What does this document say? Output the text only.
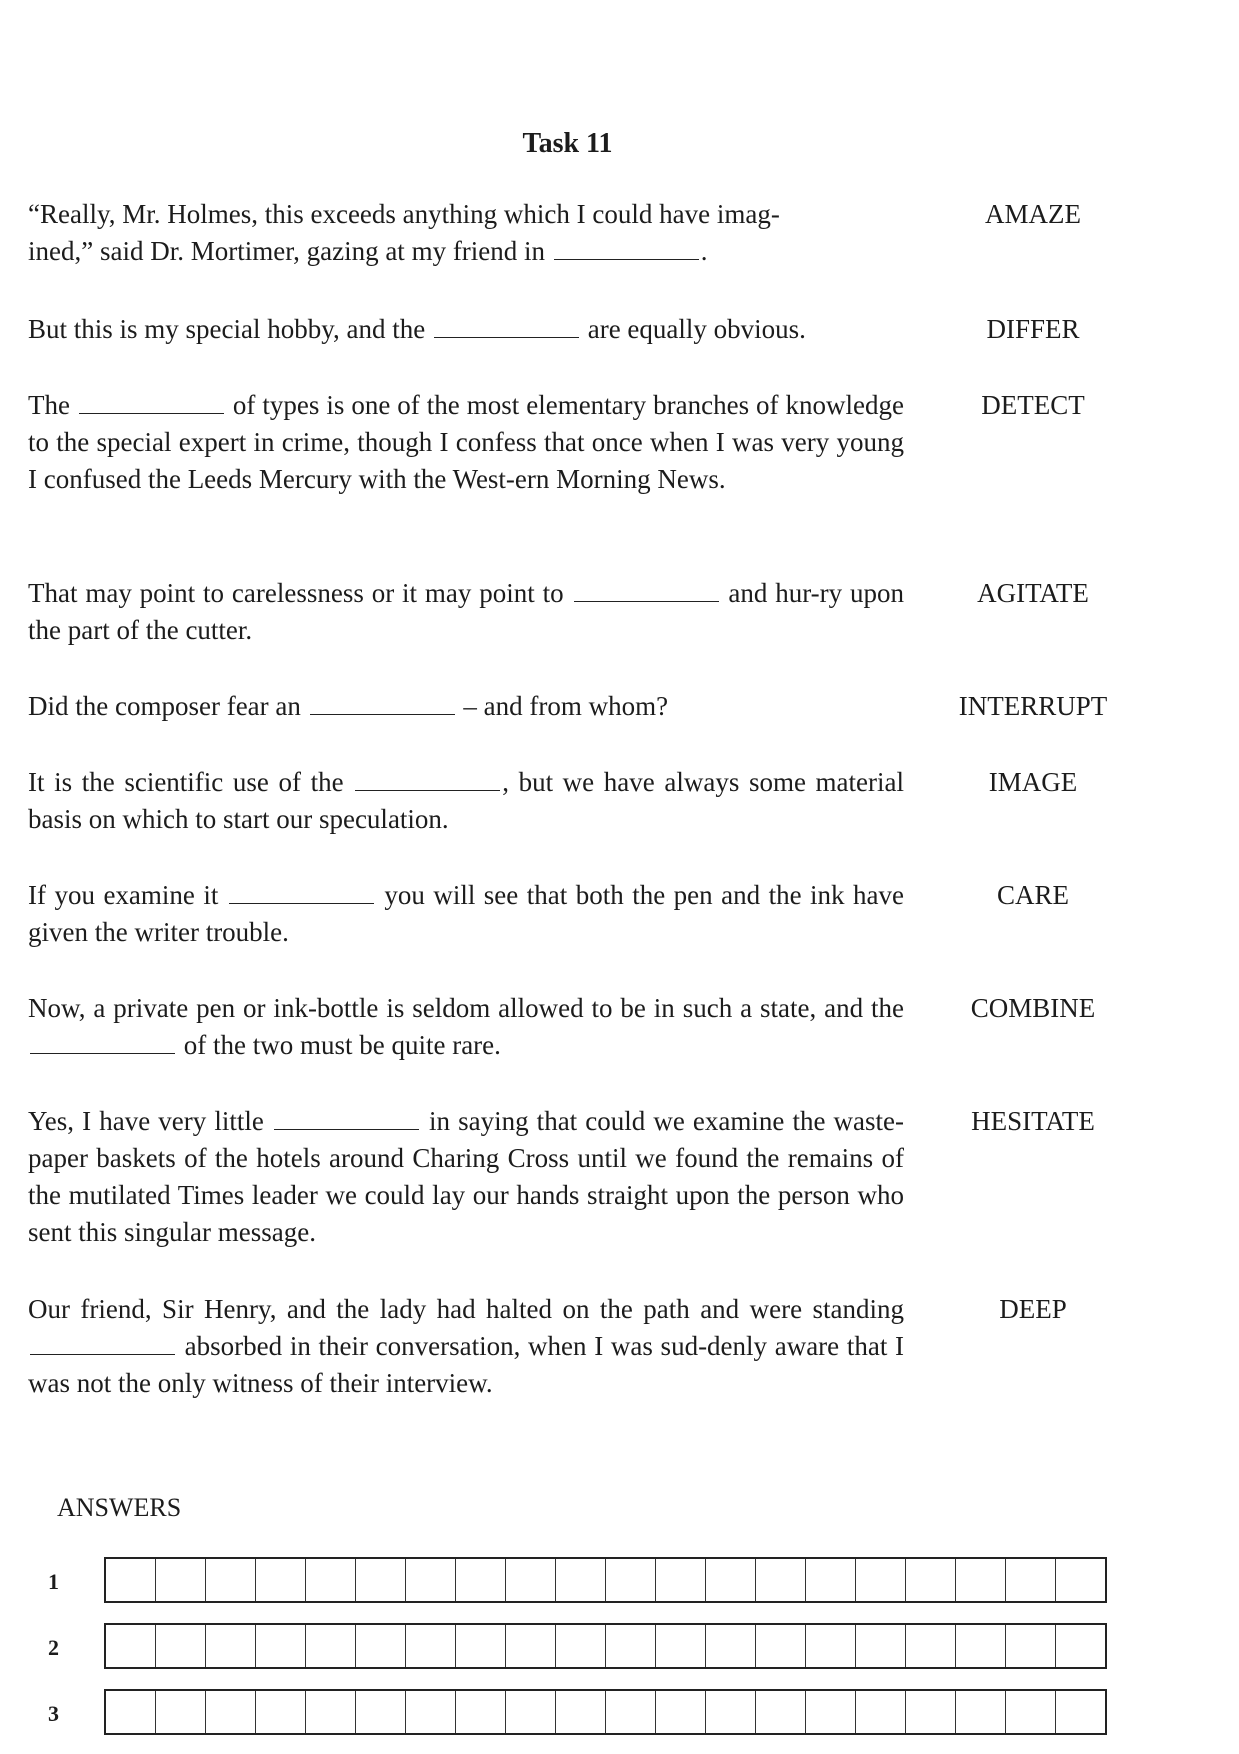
Task 11
“Really, Mr. Holmes, this exceeds anything which I could have imag-
ined,” said Dr. Mortimer, gazing at my friend in	.
AMAZE
But this is my special hobby, and the	are equally obvious.	DIFFER
The	of types is one of the most elementary branches of knowledge to the special expert in crime, though I confess that once when I was very young I confused the Leeds Mercury with the West-ern Morning News.
DETECT
That may point to carelessness or it may point to	and hur-ry upon the part of the cutter.
AGITATE
Did the composer fear an	– and from whom?	INTERRUPT
It is the scientific use of the	, but we have always some material basis on which to start our speculation.
IMAGE
If you examine it	you will see that both the pen and the ink have given the writer trouble.
CARE
Now, a private pen or ink-bottle is seldom allowed to be in such a state, and the  of the two must be quite rare.
COMBINE
Yes, I have very little	in saying that could we examine the waste-paper baskets of the hotels around Charing Cross until we found the remains of the mutilated Times leader we could lay our hands straight upon the person who sent this singular message.
HESITATE
Our friend, Sir Henry, and the lady had halted on the path and were standing  absorbed in their conversation, when I was sud-denly aware that I was not the only witness of their interview.
DEEP
ANSWERS
1
2
3
